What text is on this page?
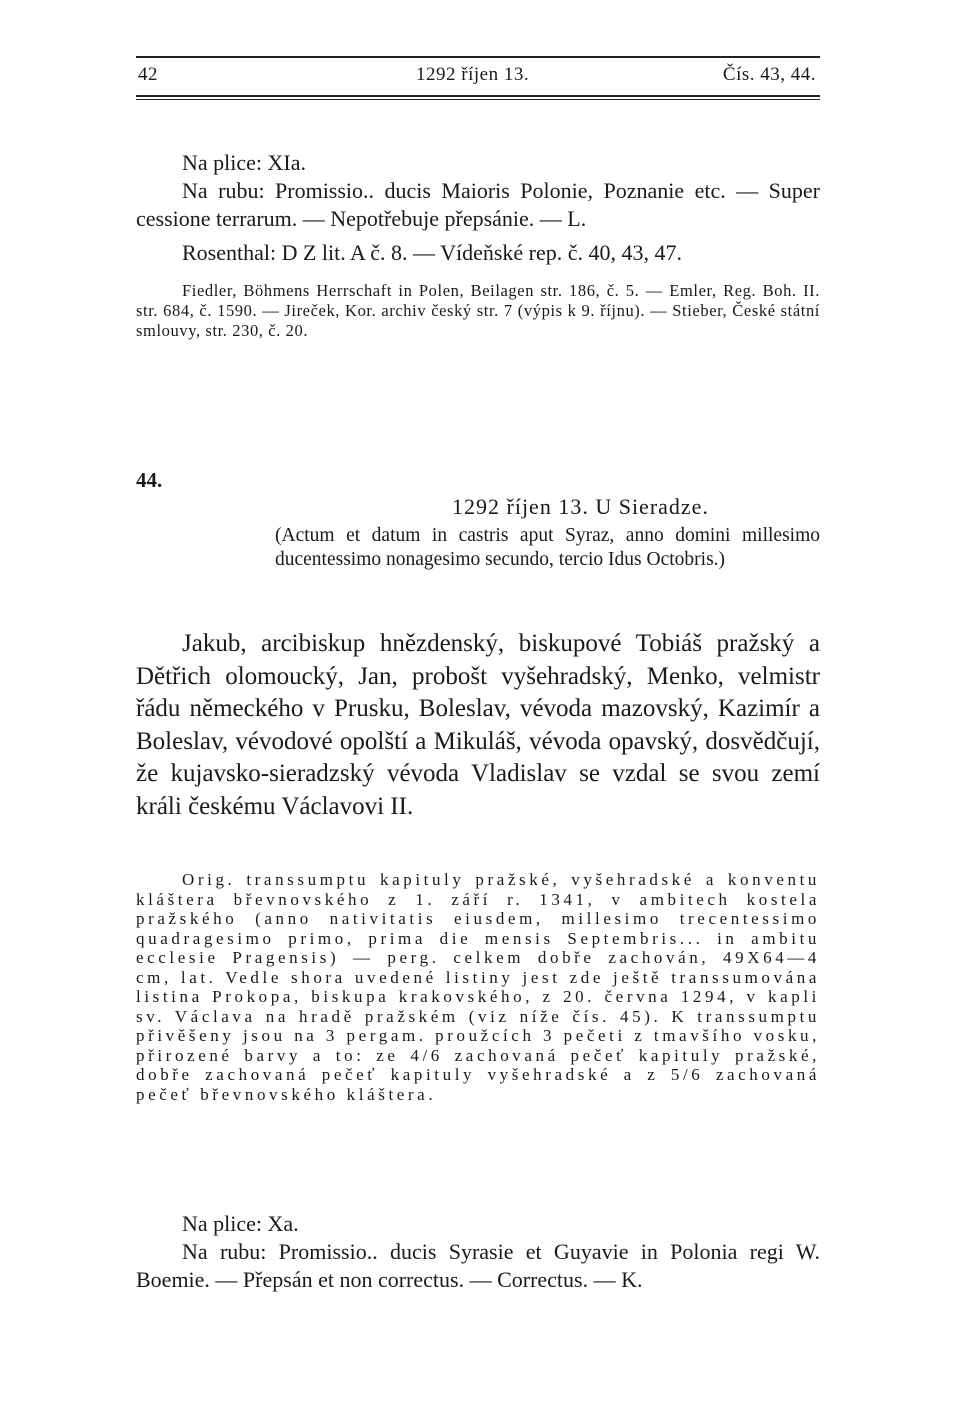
42	1292 říjen 13.	Čís. 43, 44.

Na plice: XIa.

Na rubu: Promissio.. ducis Maioris Polonie, Poznanie etc. — Super cessione terrarum. — Nepotřebuje přepsánie. — L.

Rosenthal: D Z lit. A č. 8. — Vídeňské rep. č. 40, 43, 47.

Fiedler, Böhmens Herrschaft in Polen, Beilagen str. 186, č. 5. — Emler, Reg. Boh. II. str. 684, č. 1590. — Jireček, Kor. archiv český str. 7 (výpis k 9. říjnu). — Stieber, České státní smlouvy, str. 230, č. 20.

44.

1292 říjen 13. U Sieradze.

(Actum et datum in castris aput Syraz, anno domini millesimo ducentessimo nonagesimo secundo, tercio Idus Octobris.)

Jakub, arcibiskup hnězdenský, biskupové Tobiáš pražský a Dětřich olomoucký, Jan, probošt vyšehradský, Menko, velmistr řádu německého v Prusku, Boleslav, vévoda mazovský, Kazimír a Boleslav, vévodové opolští a Mikuláš, vévoda opavský, dosvědčují, že kujavsko-sieradzský vévoda Vladislav se vzdal se svou zemí králi českému Václavovi II.

Orig. transsumptu kapituly pražské, vyšehradské a konventu kláštera břevnovského z 1. září r. 1341, v ambitech kostela pražského (anno nativitatis eiusdem, millesimo trecentessimo quadragesimo primo, prima die mensis Septembris... in ambitu ecclesie Pragensis) — perg. celkem dobře zachován, 49X64—4 cm, lat. Vedle shora uvedené listiny jest zde ještě transsumována listina Prokopa, biskupa krakovského, z 20. června 1294, v kapli sv. Václava na hradě pražském (viz níže čís. 45). K transsumptu přivěšeny jsou na 3 pergam. proužcích 3 pečeti z tmavšího vosku, přirozené barvy a to: ze 4/6 zachovaná pečeť kapituly pražské, dobře zachovaná pečeť kapituly vyšehradské a z 5/6 zachovaná pečeť břevnovského kláštera.

Na plice: Xa.

Na rubu: Promissio.. ducis Syrasie et Guyavie in Polonia regi W. Boemie. — Přepsán et non correctus. — Correctus. — K.
